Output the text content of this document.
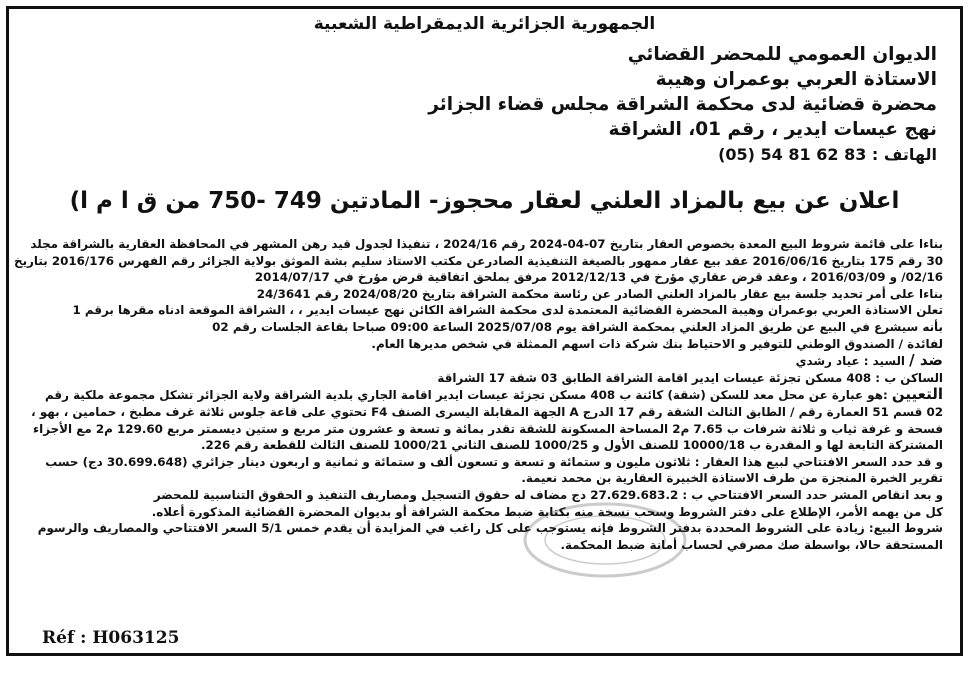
الجمهورية الجزائرية الديمقراطية الشعبية
الديوان العمومي للمحضر القضائي
الاستاذة العربي بوعمران وهيبة
محضرة قضائية لدى محكمة الشراقة مجلس قضاء الجزائر
نهج عيسات ايدير ، رقم 01، الشراقة
الهاتف : 83 62 81 54 (05)
اعلان عن بيع بالمزاد العلني لعقار محجوز- المادتين 749 -750 من ق ا م ا)

بناءا على قائمة شروط البيع المعدة بخصوص العقار بتاريخ 07-04-2024 رقم 2024/16 ، تنفيذا لجدول قيد رهن المشهر في المحافظة العقارية بالشراقة مجلد

30 رقم 175 بتاريخ 2016/06/16 عقد بيع عقار ممهور بالصيغة التنفيذية الصادرعن مكتب الاستاذ سليم بشة الموثق بولاية الجزائر رقم الفهرس 2016/176 بتاريخ

02/16/ و 2016/03/09 ، وعقد قرض عقاري مؤرخ في 2012/12/13 مرفق بملحق اتفاقية قرض مؤرخ في 2014/07/17

بناءا على أمر تحديد جلسة بيع عقار بالمزاد العلني الصادر عن رئاسة محكمة الشراقة بتاريخ 2024/08/20 رقم 24/3641

تعلن الاستاذة العربي بوعمران وهيبة المحضرة القضائية المعتمدة لدى محكمة الشراقة الكائن نهج عيسات ايدير ، ، الشراقة الموقعة ادناه مقرها برقم 1

بأنه سيشرع في البيع عن طريق المزاد العلني بمحكمة الشراقة يوم 2025/07/08 الساعة 09:00 صباحا بقاعة الجلسات رقم 02

لفائدة / الصندوق الوطني للتوفير و الاحتياط بنك شركة ذات اسهم الممثلة في شخص مديرها العام.

ضد / السيد : عياد رشدي

الساكن ب : 408 مسكن تجزئة عيسات ايدير اقامة الشراقة الطابق 03 شقة 17 الشراقة

التعيين :هو عبارة عن محل معد للسكن (شقة) كائنة ب 408 مسكن تجزئة عيسات ايدير اقامة الجاري بلدية الشراقة ولاية الجزائر تشكل مجموعة ملكية رقم

02 قسم 51 العمارة رقم / الطابق الثالث الشقة رقم 17 الدرج A الجهة المقابلة اليسرى الصنف F4 تحتوي على قاعة جلوس ثلاثة غرف مطبخ ، حمامين ، بهو ،

فسحة و غرفة ثياب و ثلاثة شرفات ب 7.65 م2 المساحة المسكونة للشقة تقدر بمائة و تسعة و عشرون متر مربع و ستين ديسمتر مربع 129.60 م2 مع الأجزاء

المشتركة التابعة لها و المقدرة ب 10000/18 للصنف الأول و 1000/25 للصنف الثاني 1000/21 للصنف الثالث للقطعة رقم 226.

و قد حدد السعر الافتتاحي لبيع هذا العقار : ثلاثون مليون و ستمائة و تسعة و تسعون ألف و ستمائة و ثمانية و اربعون دينار جزائري (30.699.648 دج) حسب

تقرير الخبرة المنجزة من طرف الاستاذة الخبيرة العقارية بن محمد نعيمة.

و بعد انقاص المشر حدد السعر الافتتاحي ب : 27.629.683.2 دج مضاف له حقوق التسجيل ومصاريف التنفيذ و الحقوق التناسبية للمحضر

كل من يهمه الأمر، الإطلاع على دفتر الشروط وسحب نسخة منه بكتابة ضبط محكمة الشراقة أو بديوان المحضرة القضائية المذكورة أعلاه.

شروط البيع: زيادة على الشروط المحددة بدفتر الشروط فإنه يستوجب على كل راغب في المزايدة أن يقدم خمس 5/1 السعر الافتتاحي والمصاريف والرسوم

المستحقة حالا، بواسطة صك مصرفي لحساب أمانة ضبط المحكمة.

Réf : H063125
